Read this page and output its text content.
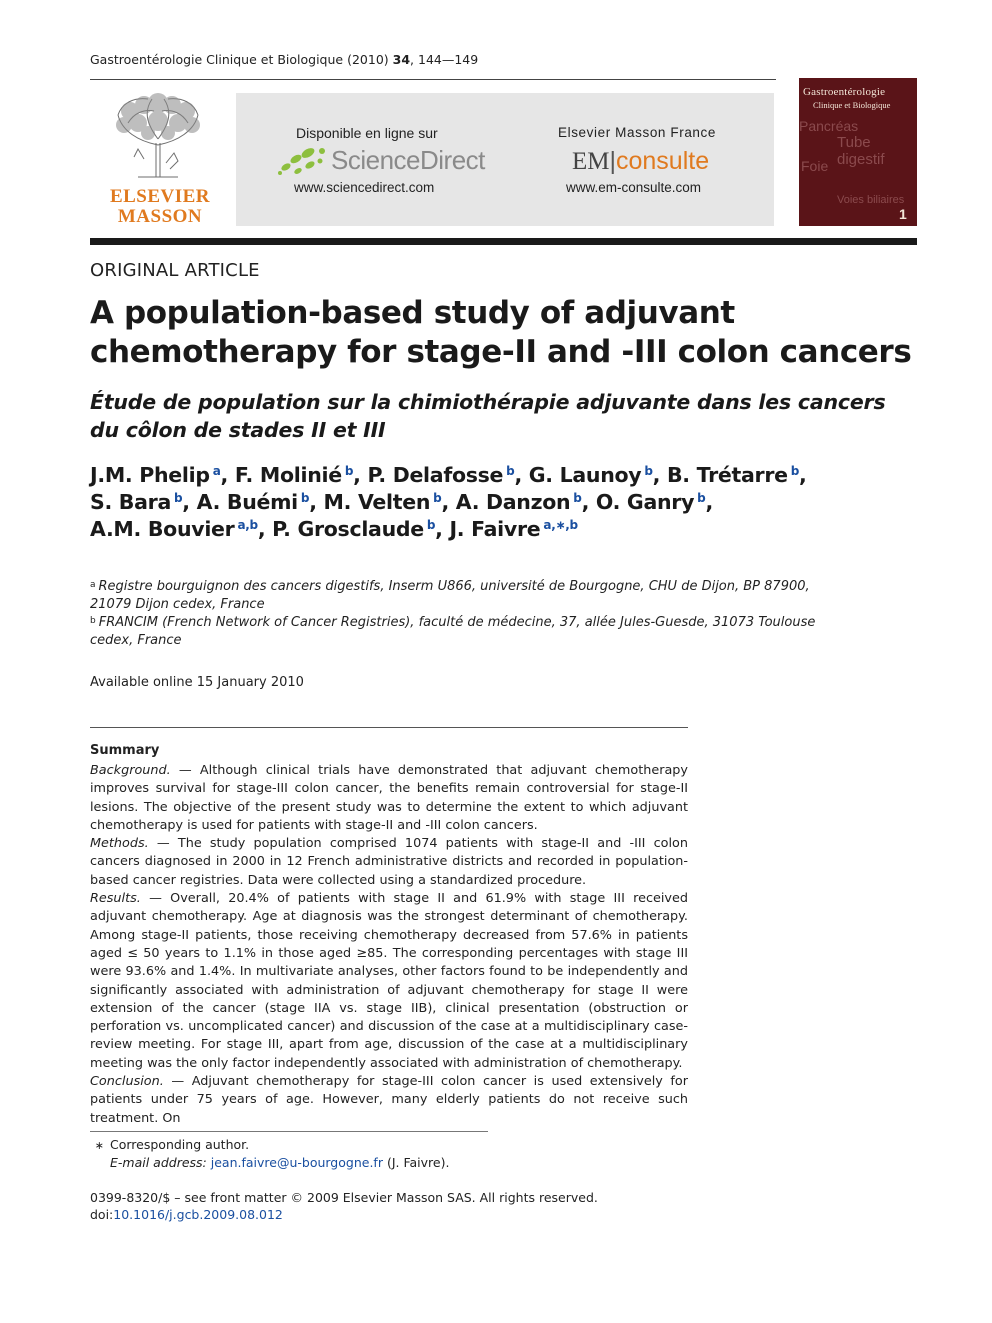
Gastroentérologie Clinique et Biologique (2010) 34, 144—149
ELSEVIER
MASSON
Disponible en ligne sur
ScienceDirect
www.sciencedirect.com
Elsevier Masson France
EM|consulte
www.em-consulte.com
Gastroentérologie
Clinique et Biologique
Pancréas
Tube digestif
Foie
Voies biliaires
1
ORIGINAL ARTICLE
A population-based study of adjuvant chemotherapy for stage-II and -III colon cancers
Étude de population sur la chimiothérapie adjuvante dans les cancers du côlon de stades II et III
J.M. Phelip $^a$, F. Molinié $^b$, P. Delafosse $^b$, G. Launoy $^b$, B. Trétarre $^b$,
S. Bara $^b$, A. Buémi $^b$, M. Velten $^b$, A. Danzon $^b$, O. Ganry $^b$,
A.M. Bouvier $^{a,b}$, P. Grosclaude $^b$, J. Faivre $^{a,∗,b}$
$^a$ Registre bourguignon des cancers digestifs, Inserm U866, université de Bourgogne, CHU de Dijon, BP 87900, 21079 Dijon cedex, France
$^b$ FRANCIM (French Network of Cancer Registries), faculté de médecine, 37, allée Jules-Guesde, 31073 Toulouse cedex, France
Available online 15 January 2010
Summary

Background. — Although clinical trials have demonstrated that adjuvant chemotherapy improves survival for stage-III colon cancer, the benefits remain controversial for stage-II lesions. The objective of the present study was to determine the extent to which adjuvant chemotherapy is used for patients with stage-II and -III colon cancers.

Methods. — The study population comprised 1074 patients with stage-II and -III colon cancers diagnosed in 2000 in 12 French administrative districts and recorded in population-based cancer registries. Data were collected using a standardized procedure.

Results. — Overall, 20.4% of patients with stage II and 61.9% with stage III received adjuvant chemotherapy. Age at diagnosis was the strongest determinant of chemotherapy. Among stage-II patients, those receiving chemotherapy decreased from 57.6% in patients aged ≤ 50 years to 1.1% in those aged ≥85. The corresponding percentages with stage III were 93.6% and 1.4%. In multivariate analyses, other factors found to be independently and significantly associated with administration of adjuvant chemotherapy for stage II were extension of the cancer (stage IIA vs. stage IIB), clinical presentation (obstruction or perforation vs. uncomplicated cancer) and discussion of the case at a multidisciplinary case-review meeting. For stage III, apart from age, discussion of the case at a multidisciplinary meeting was the only factor independently associated with administration of chemotherapy.

Conclusion. — Adjuvant chemotherapy for stage-III colon cancer is used extensively for patients under 75 years of age. However, many elderly patients do not receive such treatment. On

∗ Corresponding author.
E-mail address: jean.faivre@u-bourgogne.fr (J. Faivre).
0399-8320/$ – see front matter © 2009 Elsevier Masson SAS. All rights reserved.
doi:10.1016/j.gcb.2009.08.012
